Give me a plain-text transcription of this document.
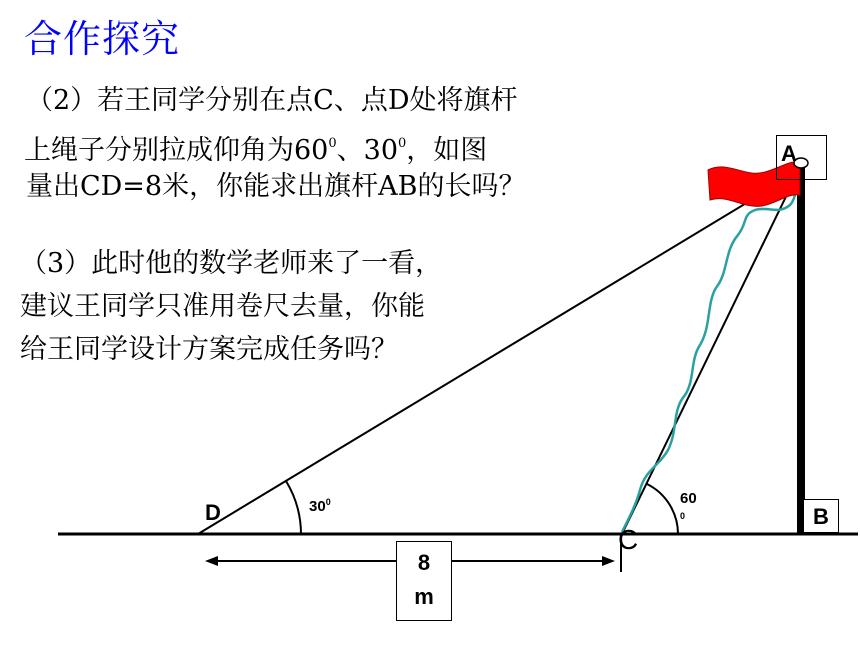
合作探究
（2）若王同学分别在点C、点D处将旗杆
上绳子分别拉成仰角为$60^0$、$30^0$，如图
量出CD=8米，你能求出旗杆AB的长吗？
（3）此时他的数学老师来了一看，
建议王同学只准用卷尺去量，你能
给王同学设计方案完成任务吗？
D	$30^0$	60
0
C
A
B
8m
